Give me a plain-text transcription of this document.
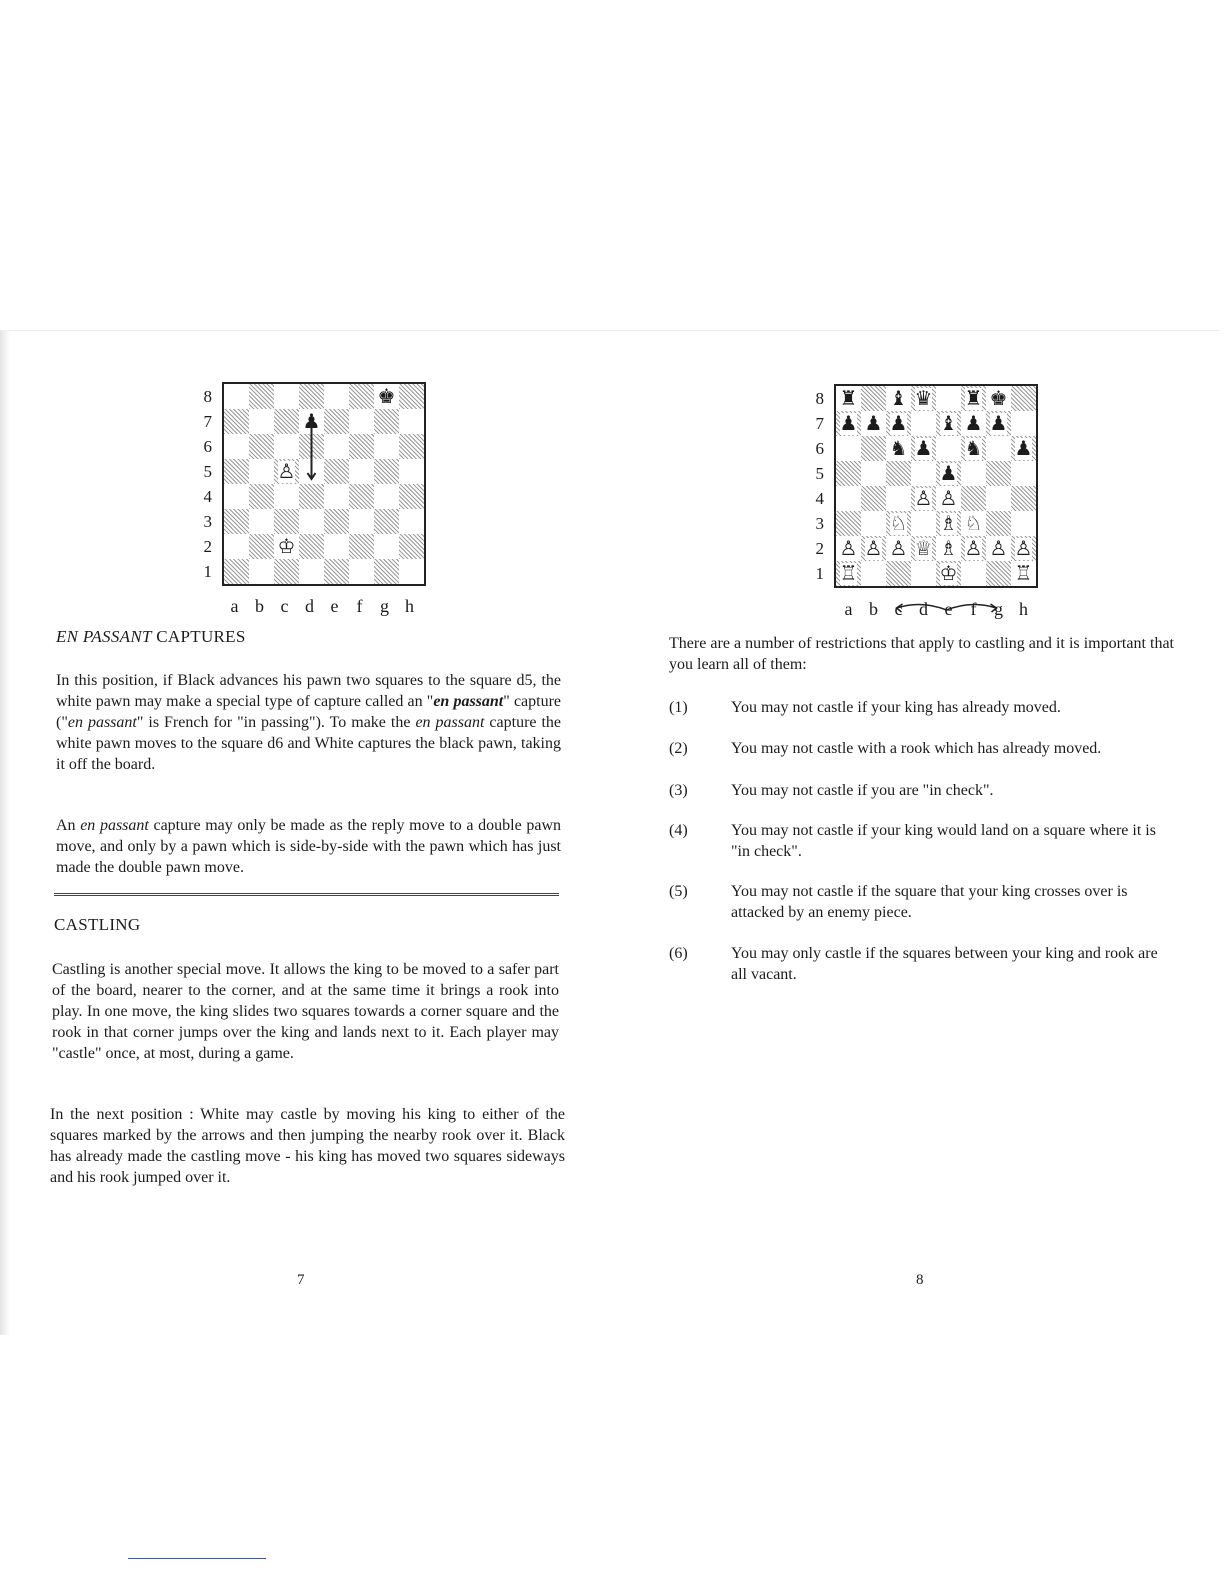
8
7
6
5
4
3
2
1
♚
♟
♙
♔
EN PASSANT CAPTURES

In this position, if Black advances his pawn two squares to the square d5, the white pawn may make a special type of capture called an "en passant" capture ("en passant" is French for "in passing"). To make the en passant capture the white pawn moves to the square d6 and White captures the black pawn, taking it off the board.

An en passant capture may only be made as the reply move to a double pawn move, and only by a pawn which is side-by-side with the pawn which has just made the double pawn move.

CASTLING

Castling is another special move. It allows the king to be moved to a safer part of the board, nearer to the corner, and at the same time it brings a rook into play. In one move, the king slides two squares towards a corner square and the rook in that corner jumps over the king and lands next to it. Each player may "castle" once, at most, during a game.

In the next position : White may castle by moving his king to either of the squares marked by the arrows and then jumping the nearby rook over it. Black has already made the castling move - his king has moved two squares sideways and his rook jumped over it.

7
8
7
6
5
4
3
2
1
♜ ♝ ♛ ♜ ♚
♟ ♟ ♟ ♝ ♟ ♟
♞ ♟ ♞ ♟
♟
♙ ♙
♘ ♗ ♘
♙ ♙ ♙ ♕ ♗ ♙ ♙ ♙
♖	♔	♖
a b c d e	f g h

There are a number of restrictions that apply to castling and it is important that you learn all of them:

(1)	You may not castle if your king has already moved.
(2)	You may not castle with a rook which has already moved.
(3)	You may not castle if you are "in check".
(4)	You may not castle if your king would land on a square where it is "in check".
(5)	You may not castle if the square that your king crosses over is attacked by an enemy piece.
(6)	You may only castle if the squares between your king and rook are all vacant.
8
a b c d e	f g h
